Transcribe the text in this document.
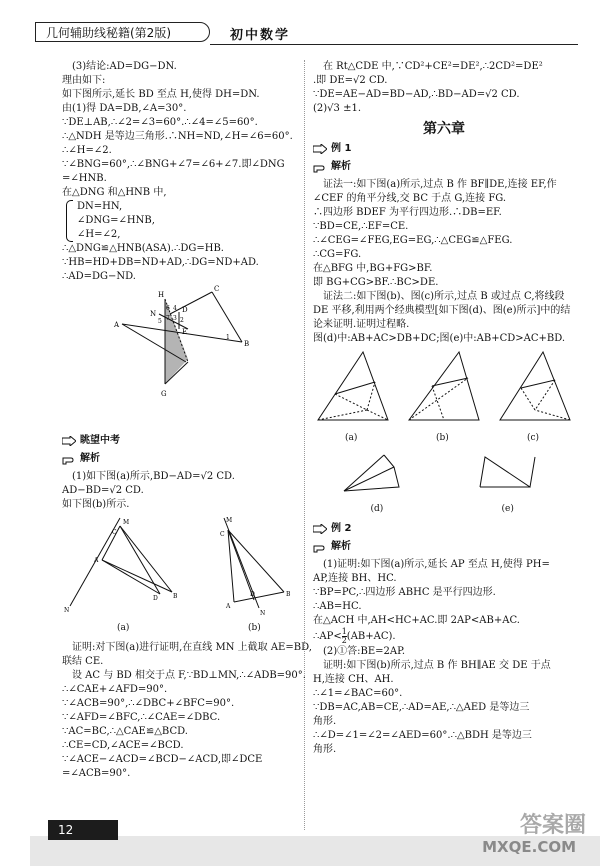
几何辅助线秘籍(第2版)	初中数学

(3)结论:AD=DG−DN.

理由如下:

如下图所示,延长 BD 至点 H,使得 DH=DN.

由(1)得 DA=DB,∠A=30°.

∵DE⊥AB,∴∠2=∠3=60°.∴∠4=∠5=60°.

∴△NDH 是等边三角形.∴NH=ND,∠H=∠6=60°.

∴∠H=∠2.

∵∠BNG=60°,∴∠BNG+∠7=∠6+∠7.即∠DNG

=∠HNB.

在△DNG 和△HNB 中,

DN=HN,

∠DNG=∠HNB,

∠H=∠2,

∴△DNG≌△HNB(ASA).∴DG=HB.

∵HB=HD+DB=ND+AD,∴DG=ND+AD.

∴AD=DG−ND.

H
C
N	D
A
B
E
G
5
6
7
4
3 2
1
眺望中考
解析

(1)如下图(a)所示,BD−AD=√2 CD.

AD−BD=√2 CD.

如下图(b)所示.

M
C
A
D	B
N
(a)
M
C
D
A
B
N
(b)

证明:对下图(a)进行证明,在直线 MN 上截取 AE=BD,

联结 CE.

设 AC 与 BD 相交于点 F,∵BD⊥MN,∴∠ADB=90°.

∴∠CAE+∠AFD=90°.

∵∠ACB=90°,∴∠DBC+∠BFC=90°.

∵∠AFD=∠BFC,∴∠CAE=∠DBC.

∵AC=BC,∴△CAE≌△BCD.

∴CE=CD,∠ACE=∠BCD.

∵∠ACE−∠ACD=∠BCD−∠ACD,即∠DCE

=∠ACB=90°.

在 Rt△CDE 中,∵CD²+CE²=DE²,∴2CD²=DE²

.即 DE=√2 CD.

∵DE=AE−AD=BD−AD,∴BD−AD=√2 CD.

(2)√3 ±1.

第六章
例 1
解析

证法一:如下图(a)所示,过点 B 作 BF∥DE,连接 EF,作

∠CEF 的角平分线,交 BC 于点 G,连接 FG.

∴四边形 BDEF 为平行四边形.∴DB=EF.

∵BD=CE,∴EF=CE.

∴∠CEG=∠FEG,EG=EG,∴△CEG≌△FEG.

∴CG=FG.

在△BFG 中,BG+FG>BF.

即 BG+CG>BF.∴BC>DE.

证法二:如下图(b)、图(c)所示,过点 B 或过点 C,将线段

DE 平移,利用两个经典模型[如下图(d)、图(e)所示]中的结

论来证明.证明过程略.

图(d)中:AB+AC>DB+DC;图(e)中:AB+CD>AC+BD.

(a)	(b)	(c)
(d)	(e)
例 2
解析

(1)证明:如下图(a)所示,延长 AP 至点 H,使得 PH=

AP,连接 BH、HC.

∵BP=PC,∴四边形 ABHC 是平行四边形.

∴AB=HC.

在△ACH 中,AH<HC+AC.即 2AP<AB+AC.

∴AP< $\frac{1}{2} (AB+AC)$.

(2)①答:BE=2AP.

证明:如下图(b)所示,过点 B 作 BH∥AE 交 DE 于点

H,连接 CH、AH.

∴∠1=∠BAC=60°.

∵DB=AC,AB=CE,∴AD=AE,∴△AED 是等边三

角形.

∴∠D=∠1=∠2=∠AED=60°.∴△BDH 是等边三

角形.

12	答案圈
MXQE.COM
